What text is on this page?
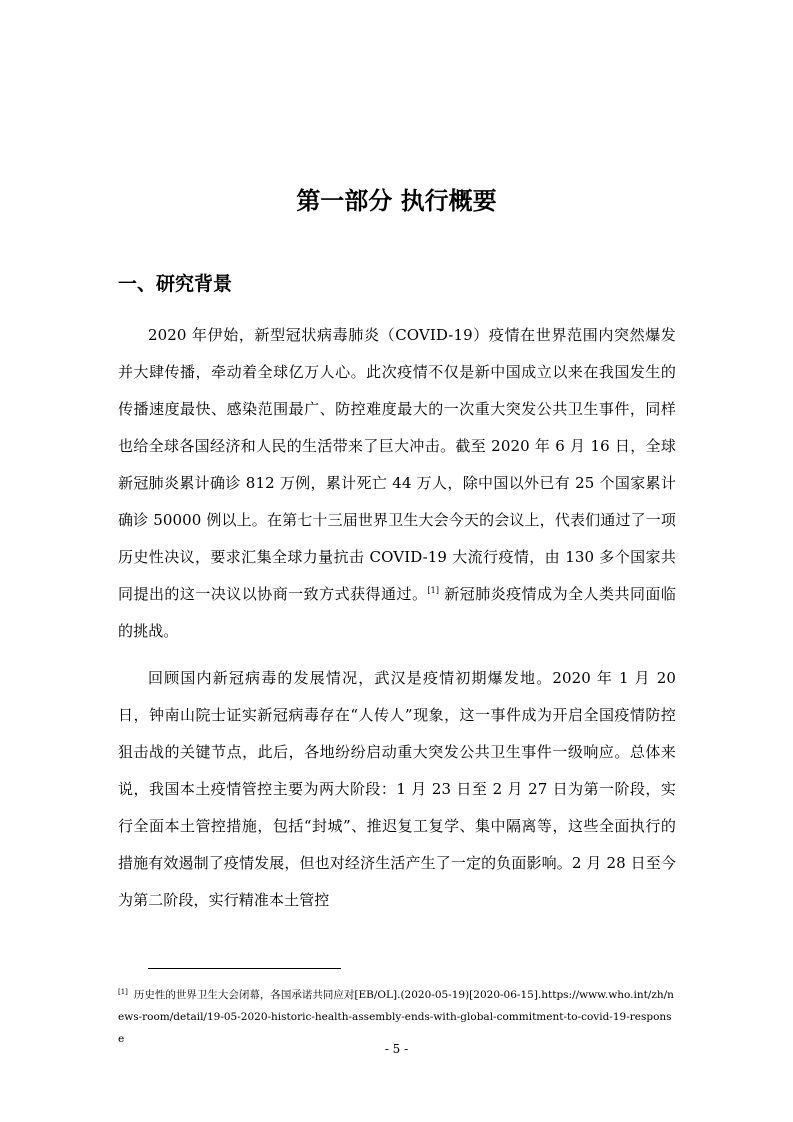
第一部分 执行概要
一、研究背景

2020 年伊始，新型冠状病毒肺炎（COVID-19）疫情在世界范围内突然爆发并大肆传播，牵动着全球亿万人心。此次疫情不仅是新中国成立以来在我国发生的传播速度最快、感染范围最广、防控难度最大的一次重大突发公共卫生事件，同样也给全球各国经济和人民的生活带来了巨大冲击。截至 2020 年 6 月 16 日，全球新冠肺炎累计确诊 812 万例，累计死亡 44 万人，除中国以外已有 25 个国家累计确诊 50000 例以上。在第七十三届世界卫生大会今天的会议上，代表们通过了一项历史性决议，要求汇集全球力量抗击 COVID-19 大流行疫情，由 130 多个国家共同提出的这一决议以协商一致方式获得通过。[1] 新冠肺炎疫情成为全人类共同面临的挑战。

回顾国内新冠病毒的发展情况，武汉是疫情初期爆发地。2020 年 1 月 20 日，钟南山院士证实新冠病毒存在“人传人”现象，这一事件成为开启全国疫情防控狙击战的关键节点，此后，各地纷纷启动重大突发公共卫生事件一级响应。总体来说，我国本土疫情管控主要为两大阶段：1 月 23 日至 2 月 27 日为第一阶段，实行全面本土管控措施，包括“封城”、推迟复工复学、集中隔离等，这些全面执行的措施有效遏制了疫情发展，但也对经济生活产生了一定的负面影响。2 月 28 日至今为第二阶段，实行精准本土管控

[1] 历史性的世界卫生大会闭幕，各国承诺共同应对[EB/OL].(2020-05-19)[2020-06-15].https://www.who.int/zh/news-room/detail/19-05-2020-historic-health-assembly-ends-with-global-commitment-to-covid-19-response

- 5 -
